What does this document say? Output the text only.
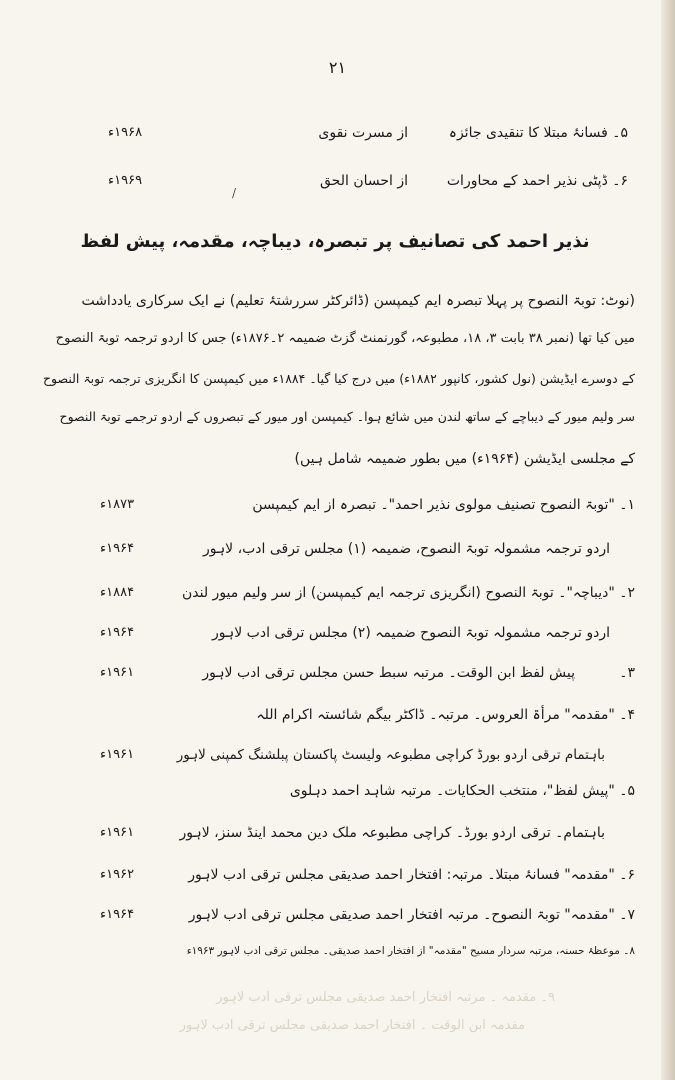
۲۱
۵۔ فسانۂ مبتلا کا تنقیدی جائزہ
از مسرت نقوی
۱۹۶۸ء
۶۔ ڈپٹی نذیر احمد کے محاورات
از احسان الحق
۱۹۶۹ء
/
نذیر احمد کی تصانیف پر تبصرہ، دیباچہ، مقدمہ، پیش لفظ
(نوٹ: توبۃ النصوح پر پہلا تبصرہ ایم کیمپسن (ڈائرکٹر سررشتۂ تعلیم) نے ایک سرکاری یادداشت
میں کیا تھا (نمبر ۳۸ بابت ۳، ۱۸، مطبوعہ، گورنمنٹ گزٹ ضمیمہ ۲۔۱۸۷۶ء) جس کا اردو ترجمہ توبۃ النصوح
کے دوسرے ایڈیشن (نول کشور، کانپور ۱۸۸۲ء) میں درج کیا گیا۔ ۱۸۸۴ء میں کیمپسن کا انگریزی ترجمہ توبۃ النصوح
سر ولیم میور کے دیباچے کے ساتھ لندن میں شائع ہوا۔ کیمپسن اور میور کے تبصروں کے اردو ترجمے توبۃ النصوح
کے مجلسی ایڈیشن (۱۹۶۴ء) میں بطور ضمیمہ شامل ہیں)
۱۔ "توبۃ النصوح تصنیف مولوی نذیر احمد"۔ تبصرہ از ایم کیمپسن
۱۸۷۳ء
اردو ترجمہ مشمولہ توبۃ النصوح، ضمیمہ (۱) مجلس ترقی ادب، لاہور
۱۹۶۴ء
۲۔ "دیباچہ"۔ توبۃ النصوح (انگریزی ترجمہ ایم کیمپسن) از سر ولیم میور لندن
۱۸۸۴ء
اردو ترجمہ مشمولہ توبۃ النصوح ضمیمہ (۲) مجلس ترقی ادب لاہور
۱۹۶۴ء
پیش لفظ ابن الوقت۔ مرتبہ سبط حسن مجلس ترقی ادب لاہور	۳۔
۱۹۶۱ء
۴۔ "مقدمہ" مرأۃ العروس۔ مرتبہ۔ ڈاکٹر بیگم شائستہ اکرام اللہ
باہتمام ترقی اردو بورڈ کراچی مطبوعہ ولیسٹ پاکستان پبلشنگ کمپنی لاہور
۱۹۶۱ء
۵۔ "پیش لفظ"، منتخب الحکایات۔ مرتبہ شاہد احمد دہلوی
باہتمام۔ ترقی اردو بورڈ۔ کراچی مطبوعہ ملک دین محمد اینڈ سنز، لاہور
۱۹۶۱ء
۶۔ "مقدمہ" فسانۂ مبتلا۔ مرتبہ: افتخار احمد صدیقی مجلس ترقی ادب لاہور
۱۹۶۲ء
۷۔ "مقدمہ" توبۃ النصوح۔ مرتبہ افتخار احمد صدیقی مجلس ترقی ادب لاہور
۱۹۶۴ء
۸۔ موعظۂ حسنہ، مرتبہ سردار مسیح "مقدمہ" از افتخار احمد صدیقی۔ مجلس ترقی ادب لاہور ۱۹۶۳ء
۹۔ مقدمہ ۔ مرتبہ افتخار احمد صدیقی مجلس ترقی ادب لاہور
مقدمہ ابن الوقت ۔ افتخار احمد صدیقی مجلس ترقی ادب لاہور
